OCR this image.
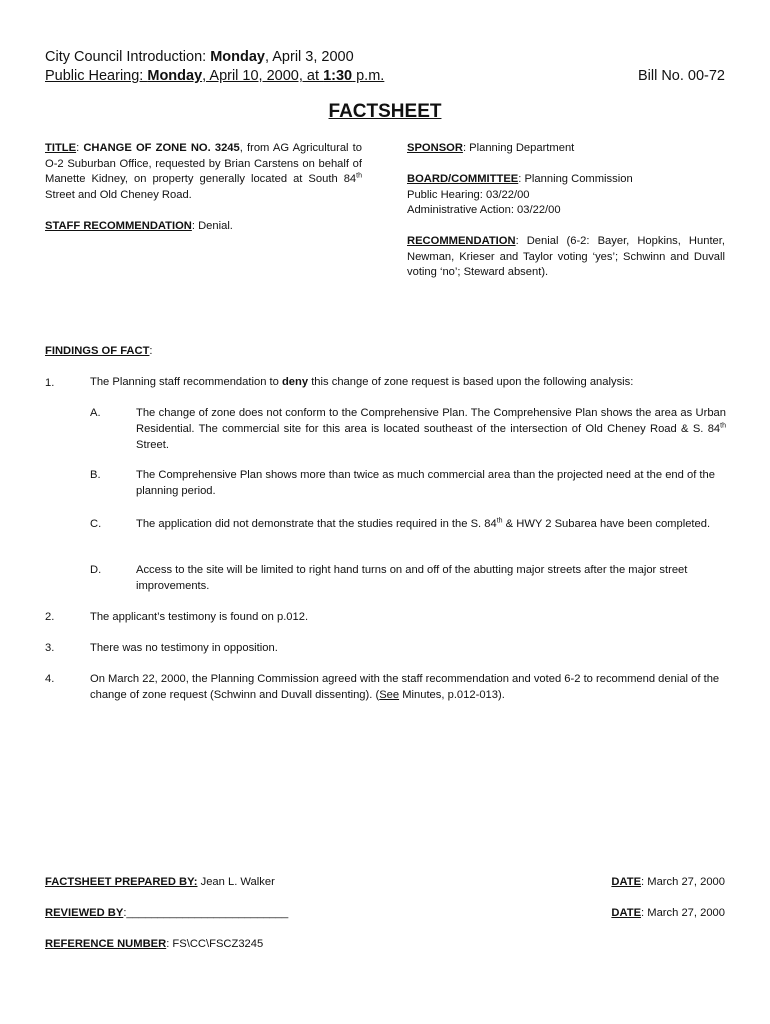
City Council Introduction: Monday, April 3, 2000
Public Hearing: Monday, April 10, 2000, at 1:30 p.m.	Bill No. 00-72
FACTSHEET
TITLE: CHANGE OF ZONE NO. 3245, from AG Agricultural to O-2 Suburban Office, requested by Brian Carstens on behalf of Manette Kidney, on property generally located at South 84th Street and Old Cheney Road.
STAFF RECOMMENDATION: Denial.
SPONSOR: Planning Department
BOARD/COMMITTEE: Planning Commission
Public Hearing: 03/22/00
Administrative Action: 03/22/00
RECOMMENDATION: Denial (6-2: Bayer, Hopkins, Hunter, Newman, Krieser and Taylor voting ‘yes’; Schwinn and Duvall voting ‘no’; Steward absent).
FINDINGS OF FACT:
1.	The Planning staff recommendation to deny this change of zone request is based upon the following analysis:
A.	The change of zone does not conform to the Comprehensive Plan. The Comprehensive Plan shows the area as Urban Residential. The commercial site for this area is located southeast of the intersection of Old Cheney Road & S. 84th Street.
B.	The Comprehensive Plan shows more than twice as much commercial area than the projected need at the end of the planning period.
C.	The application did not demonstrate that the studies required in the S. 84th & HWY 2 Subarea have been completed.
D.	Access to the site will be limited to right hand turns on and off of the abutting major streets after the major street improvements.
2.	The applicant’s testimony is found on p.012.
3.	There was no testimony in opposition.
4.	On March 22, 2000, the Planning Commission agreed with the staff recommendation and voted 6-2 to recommend denial of the change of zone request (Schwinn and Duvall dissenting). (See Minutes, p.012-013).
FACTSHEET PREPARED BY: Jean L. Walker	DATE: March 27, 2000
REVIEWED BY:__________________________	DATE: March 27, 2000
REFERENCE NUMBER: FS\CC\FSCZ3245
